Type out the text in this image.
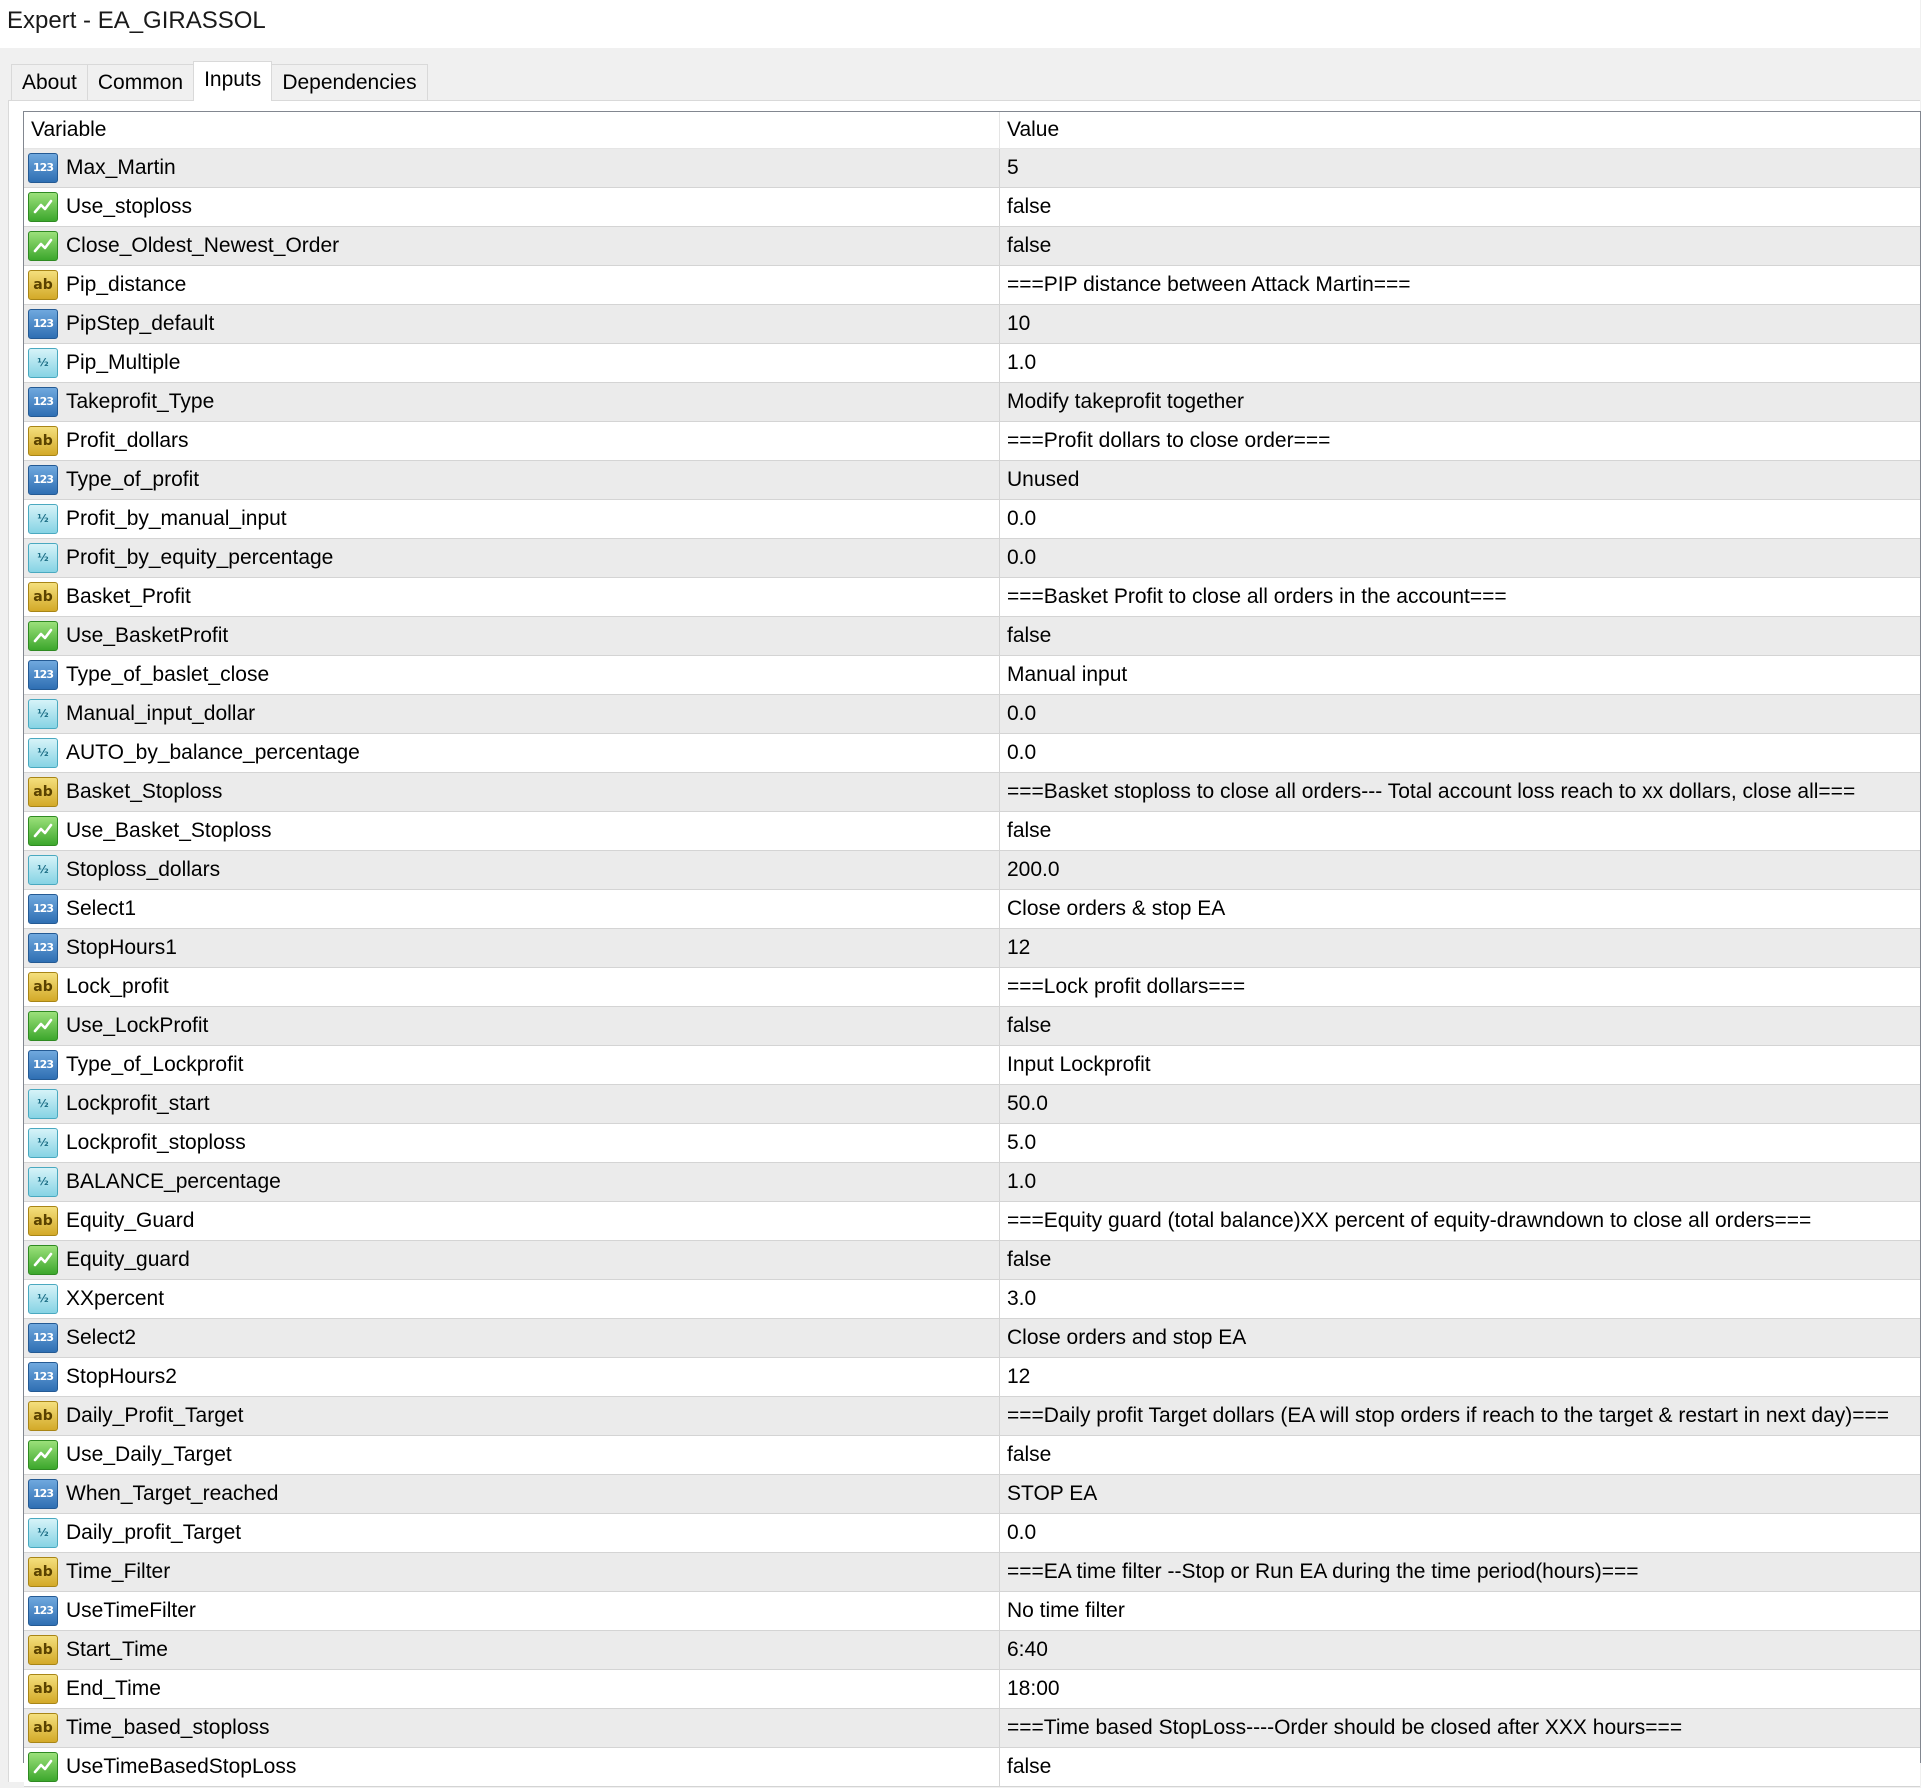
Expert - EA_GIRASSOL
About	Common	Inputs	Dependencies
Variable	Value
123 Max_Martin	5
Use_stoploss	false
Close_Oldest_Newest_Order	false
ab Pip_distance	===PIP distance between Attack Martin===
123 PipStep_default	10
½ Pip_Multiple	1.0
123 Takeprofit_Type	Modify takeprofit together
ab Profit_dollars	===Profit dollars to close order===
123 Type_of_profit	Unused
½ Profit_by_manual_input	0.0
½ Profit_by_equity_percentage	0.0
ab Basket_Profit	===Basket Profit to close all orders in the account===
Use_BasketProfit	false
123 Type_of_baslet_close	Manual input
½ Manual_input_dollar	0.0
½ AUTO_by_balance_percentage	0.0
ab Basket_Stoploss	===Basket stoploss to close all orders--- Total account loss reach to xx dollars, close all===
Use_Basket_Stoploss	false
½ Stoploss_dollars	200.0
123 Select1	Close orders & stop EA
123 StopHours1	12
ab Lock_profit	===Lock profit dollars===
Use_LockProfit	false
123 Type_of_Lockprofit	Input Lockprofit
½ Lockprofit_start	50.0
½ Lockprofit_stoploss	5.0
½ BALANCE_percentage	1.0
ab Equity_Guard	===Equity guard (total balance)XX percent of equity-drawndown to close all orders===
Equity_guard	false
½ XXpercent	3.0
123 Select2	Close orders and stop EA
123 StopHours2	12
ab Daily_Profit_Target	===Daily profit Target dollars (EA will stop orders if reach to the target & restart in next day)===
Use_Daily_Target	false
123 When_Target_reached	STOP EA
½ Daily_profit_Target	0.0
ab Time_Filter	===EA time filter --Stop or Run EA during the time period(hours)===
123 UseTimeFilter	No time filter
ab Start_Time	6:40
ab End_Time	18:00
ab Time_based_stoploss	===Time based StopLoss----Order should be closed after XXX hours===
UseTimeBasedStopLoss	false
